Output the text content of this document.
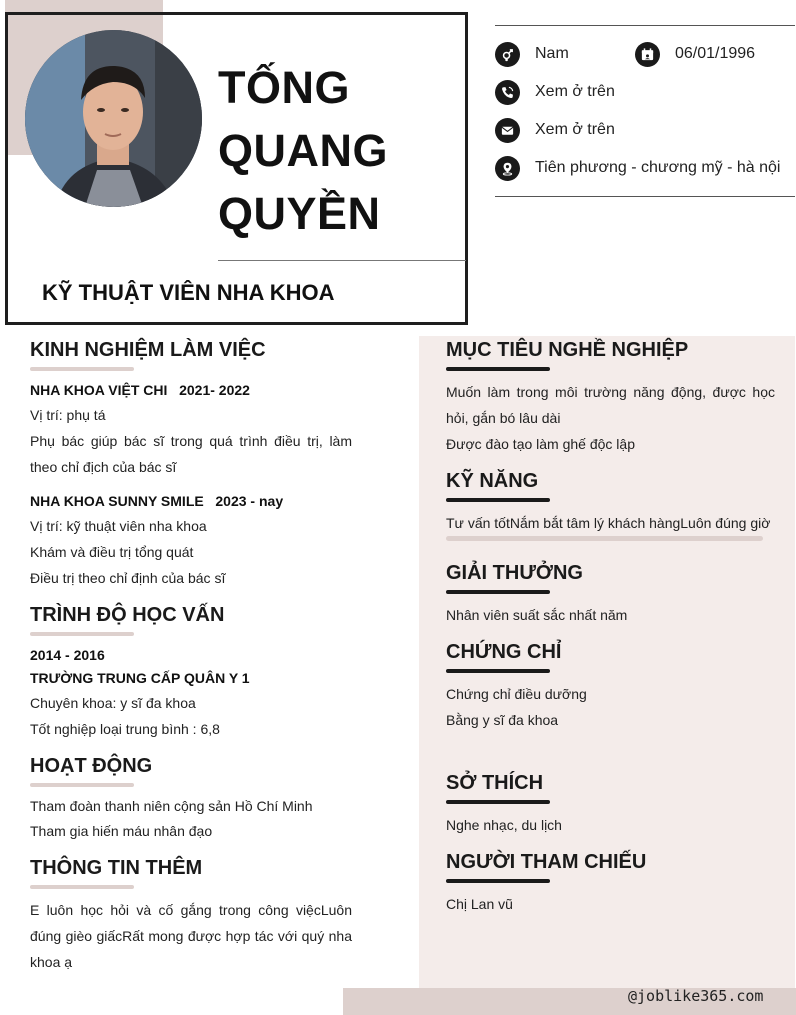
TỐNG
QUANG
QUYỀN
KỸ THUẬT VIÊN NHA KHOA
Nam	06/01/1996
Xem ở trên
Xem ở trên
Tiên phương - chương mỹ - hà nội
KINH NGHIỆM LÀM VIỆC
NHA KHOA VIỆT CHI 2021- 2022
Vị trí: phụ tá
Phụ bác giúp bác sĩ trong quá trình điều trị, làm theo chỉ địch của bác sĩ
NHA KHOA SUNNY SMILE 2023 - nay
Vị trí: kỹ thuật viên nha khoa
Khám và điều trị tổng quát
Điều trị theo chỉ định của bác sĩ
TRÌNH ĐỘ HỌC VẤN
2014 - 2016
TRƯỜNG TRUNG CẤP QUÂN Y 1
Chuyên khoa: y sĩ đa khoa
Tốt nghiệp loại trung bình : 6,8
HOẠT ĐỘNG
Tham đoàn thanh niên cộng sản Hồ Chí Minh
Tham gia hiến máu nhân đạo
THÔNG TIN THÊM
E luôn học hỏi và cố gắng trong công việcLuôn đúng gièo giấcRất mong được hợp tác với quý nha khoa ạ
MỤC TIÊU NGHỀ NGHIỆP
Muốn làm trong môi trường năng động, được học hỏi, gắn bó lâu dài
Được đào tạo làm ghế độc lập
KỸ NĂNG
Tư vấn tốtNắm bắt tâm lý khách hàngLuôn đúng giờ
GIẢI THƯỞNG
Nhân viên suất sắc nhất năm
CHỨNG CHỈ
Chứng chỉ điều dưỡng
Bằng y sĩ đa khoa
SỞ THÍCH
Nghe nhạc, du lịch
NGƯỜI THAM CHIẾU
Chị Lan vũ
@joblike365.com
